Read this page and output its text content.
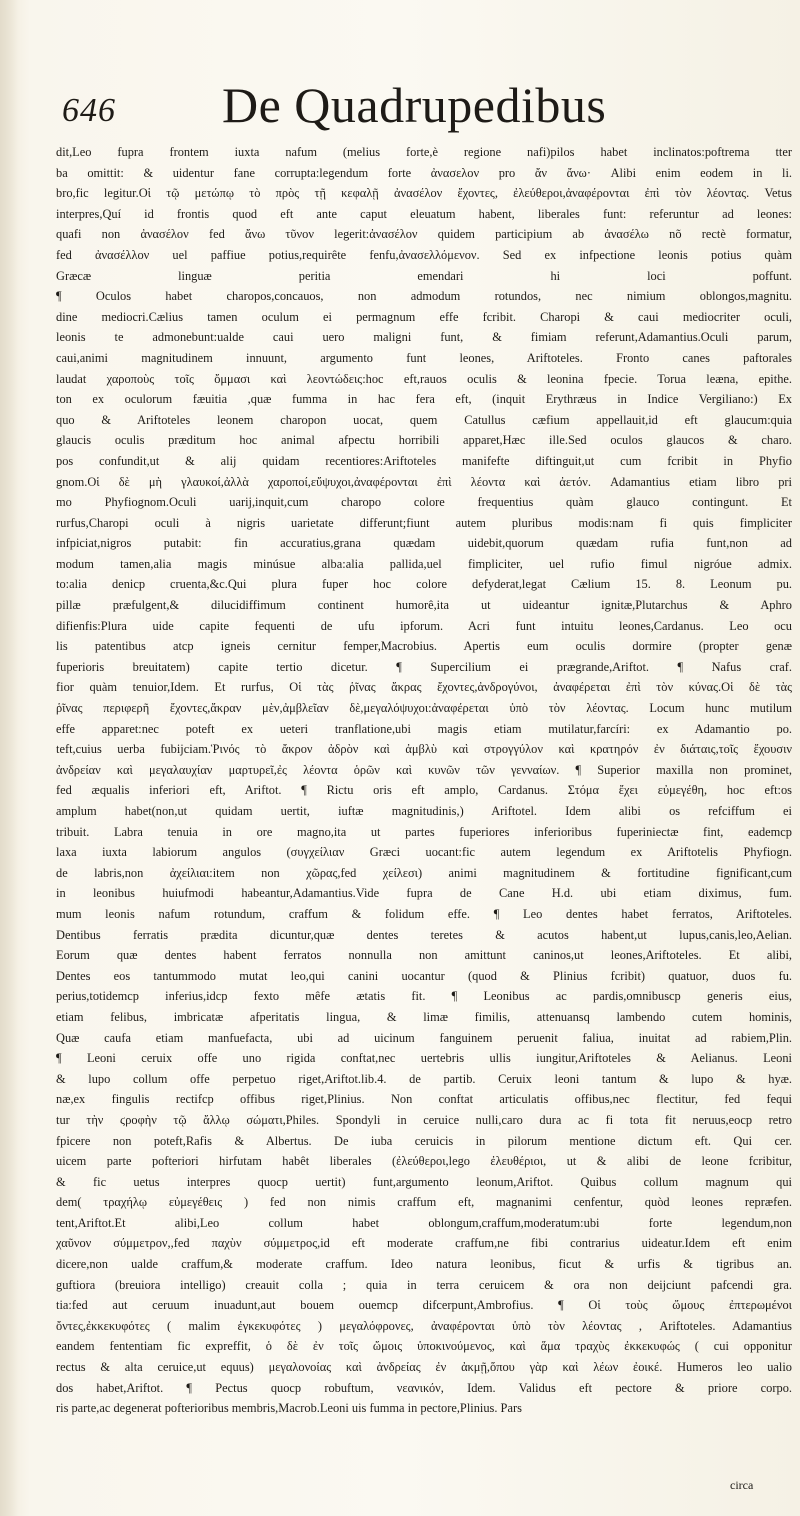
646 De Quadrupedibus
dit,Leo fupra frontem iuxta nafum (melius forte,è regione nafi)pilos habet inclinatos:poftrema tter
ba omittit: & uidentur fane corrupta:legendum forte ἀνασελον pro ἄν ἄνω· Alibi enim eodem in li.
bro,fic legitur.Οἱ τῷ μετώπῳ τὸ πρὸς τῇ κεφαλῇ ἀνασέλον ἔχοντες, ἐλεύθεροι,ἀναφέρονται ἐπὶ τὸν λέοντας. Vetus
interpres,Quí id frontis quod eft ante caput eleuatum habent, liberales funt: referuntur ad leones:
quafi non ἀνασέλον fed ἄνω τῦνον legerit:ἀνασέλον quidem participium ab ἀνασέλω nõ rectè formatur,
fed ἀνασέλλον uel paffiue potius,requirête fenfu,ἀνασελλόμενον. Sed ex infpectione leonis potius quàm
Græcæ linguæ peritia emendari hi loci poffunt.
¶ Oculos habet charopos,concauos, non admodum rotundos, nec nimium oblongos,magnitu.
dine mediocri.Cælius tamen oculum ei permagnum effe fcribit. Charopi & caui mediocriter oculi,
leonis te admonebunt:ualde caui uero maligni funt, & fimiam referunt,Adamantius.Oculi parum,
caui,animi magnitudinem innuunt, argumento funt leones, Ariftoteles. Fronto canes paftorales
laudat χαροποὺς τοῖς ὄμμασι καὶ λεοντώδεις:hoc eft,rauos oculis & leonina fpecie. Torua leæna, epithe.
ton ex oculorum fæuitia ,quæ fumma in hac fera eft, (inquit Erythræus in Indice Vergiliano:) Ex
quo & Ariftoteles leonem charopon uocat, quem Catullus cæfium appellauit,id eft glaucum:quia
glaucis oculis præditum hoc animal afpectu horribili apparet,Hæc ille.Sed oculos glaucos & charo.
pos confundit,ut & alij quidam recentiores:Ariftoteles manifefte diftinguit,ut cum fcribit in Phyfio
gnom.Οἱ δὲ μὴ γλαυκοί,ἀλλὰ χαροποί,εὔψυχοι,ἀναφέρονται ἐπὶ λέοντα καὶ ἀετόν. Adamantius etiam libro pri
mo Phyfiognom.Oculi uarij,inquit,cum charopo colore frequentius quàm glauco contingunt. Et
rurfus,Charopi oculi à nigris uarietate differunt;fiunt autem pluribus modis:nam fi quis fimpliciter
infpiciat,nigros putabit: fin accuratius,grana quædam uidebit,quorum quædam rufia funt,non ad
modum tamen,alia magis minúsue alba:alia pallida,uel fimpliciter, uel rufio fimul nigróue admix.
to:alia denicp cruenta,&c.Qui plura fuper hoc colore defyderat,legat Cælium 15. 8. Leonum pu.
pillæ præfulgent,& dilucidiffimum continent humorê,ita ut uideantur ignitæ,Plutarchus & Aphro
difienfis:Plura uide capite fequenti de ufu ipforum. Acri funt intuitu leones,Cardanus. Leo ocu
lis patentibus atcp igneis cernitur femper,Macrobius. Apertis eum oculis dormire (propter genæ
fuperioris breuitatem) capite tertio dicetur. ¶ Supercilium ei prægrande,Ariftot. ¶ Nafus craf.
fior quàm tenuior,Idem. Et rurfus, Οἱ τὰς ῥῖνας ἄκρας ἔχοντες,ἀνδρογύνοι, ἀναφέρεται ἐπὶ τὸν κύνας.Οἱ δὲ τὰς
ῥῖνας περιφερῆ ἔχοντες,ἄκραν μὲν,ἀμβλεῖαν δὲ,μεγαλόψυχοι:ἀναφέρεται ὑπὸ τὸν λέοντας. Locum hunc mutilum
effe apparet:nec poteft ex ueteri tranflatione,ubi magis etiam mutilatur,farcíri: ex Adamantio po.
teft,cuius uerba fubijciam.Ῥινός τὸ ἄκρον ἀδρὸν καὶ ἀμβλὺ καὶ στρογγύλον καὶ κρατηρόν ἐν διάταις,τοῖς ἔχουσιν
ἀνδρείαν καὶ μεγαλαυχίαν μαρτυρεῖ,ἐς λέοντα ὁρῶν καὶ κυνῶν τῶν γενναίων. ¶ Superior maxilla non prominet,
fed æqualis inferiori eft, Ariftot. ¶ Rictu oris eft amplo, Cardanus. Στόμα ἔχει εὐμεγέθη, hoc eft:os
amplum habet(non,ut quidam uertit, iuftæ magnitudinis,) Ariftotel. Idem alibi os refciffum ei
tribuit. Labra tenuia in ore magno,ita ut partes fuperiores inferioribus fuperiniectæ fint, eademcp
laxa iuxta labiorum angulos (συγχείλιαν Græci uocant:fic autem legendum ex Ariftotelis Phyfiogn.
de labris,non ἀχείλιαι:item non χῶρας,fed χείλεσι) animi magnitudinem & fortitudine fignificant,cum
in leonibus huiufmodi habeantur,Adamantius.Vide fupra de Cane H.d. ubi etiam diximus, fum.
mum leonis nafum rotundum, craffum & folidum effe. ¶ Leo dentes habet ferratos, Ariftoteles.
Dentibus ferratis prædita dicuntur,quæ dentes teretes & acutos habent,ut lupus,canis,leo,Aelian.
Eorum quæ dentes habent ferratos nonnulla non amittunt caninos,ut leones,Ariftoteles. Et alibi,
Dentes eos tantummodo mutat leo,qui canini uocantur (quod & Plinius fcribit) quatuor, duos fu.
perius,totidemcp inferius,idcp fexto mêfe ætatis fit. ¶ Leonibus ac pardis,omnibuscp generis eius,
etiam felibus, imbricatæ afperitatis lingua, & limæ fimilis, attenuansq lambendo cutem hominis,
Quæ caufa etiam manfuefacta, ubi ad uicinum fanguinem peruenit faliua, inuitat ad rabiem,Plin.
¶ Leoni ceruix offe uno rigida conftat,nec uertebris ullis iungitur,Ariftoteles & Aelianus. Leoni
& lupo collum offe perpetuo riget,Ariftot.lib.4. de partib. Ceruix leoni tantum & lupo & hyæ.
næ,ex fingulis rectifcp offibus riget,Plinius. Non conftat articulatis offibus,nec flectitur, fed fequi
tur τὴν ϛροφὴν τῷ ἄλλῳ σώματι,Philes. Spondyli in ceruice nulli,caro dura ac fi tota fit neruus,eocp retro
fpicere non poteft,Rafis & Albertus. De iuba ceruicis in pilorum mentione dictum eft. Qui cer.
uicem parte pofteriori hirfutam habêt liberales (ἐλεύθεροι,lego ἐλευθέριοι, ut & alibi de leone fcribitur,
& fic uetus interpres quocp uertit) funt,argumento leonum,Ariftot. Quibus collum magnum qui
dem( τραχήλῳ εὐμεγέθεις ) fed non nimis craffum eft, magnanimi cenfentur, quòd leones repræfen.
tent,Ariftot.Et alibi,Leo collum habet oblongum,craffum,moderatum:ubi forte legendum,non
χαῦνον σύμμετρον,,fed παχὺν σύμμετρος,id eft moderate craffum,ne fibi contrarius uideatur.Idem eft enim
dicere,non ualde craffum,& moderate craffum. Ideo natura leonibus, ficut & urfis & tigribus an.
guftiora (breuiora intelligo) creauit colla ; quia in terra ceruicem & ora non deijciunt pafcendi gra.
tia:fed aut ceruum inuadunt,aut bouem ouemcp difcerpunt,Ambrofius. ¶ Οἱ τοὺς ὤμους ἐπτερωμένοι
ὄντες,ἐκκεκυφότες ( malim ἐγκεκυφότες ) μεγαλόφρονες, ἀναφέρονται ὑπὸ τὸν λέοντας , Ariftoteles. Adamantius
eandem fententiam fic expreffit, ὁ δὲ ἐν τοῖς ὤμοις ὑποκινούμενος, καὶ ἅμα τραχὺς ἐκκεκυφώς ( cui opponitur
rectus & alta ceruice,ut equus) μεγαλονοίας καὶ ἀνδρείας ἐν ἀκμῇ,ὅπου γὰρ καὶ λέων ἐοικέ. Humeros leo ualio
dos habet,Ariftot. ¶ Pectus quocp robuftum, νεανικόν, Idem. Validus eft pectore & priore corpo.
ris parte,ac degenerat pofterioribus membris,Macrob.Leoni uis fumma in pectore,Plinius. Pars
circa
